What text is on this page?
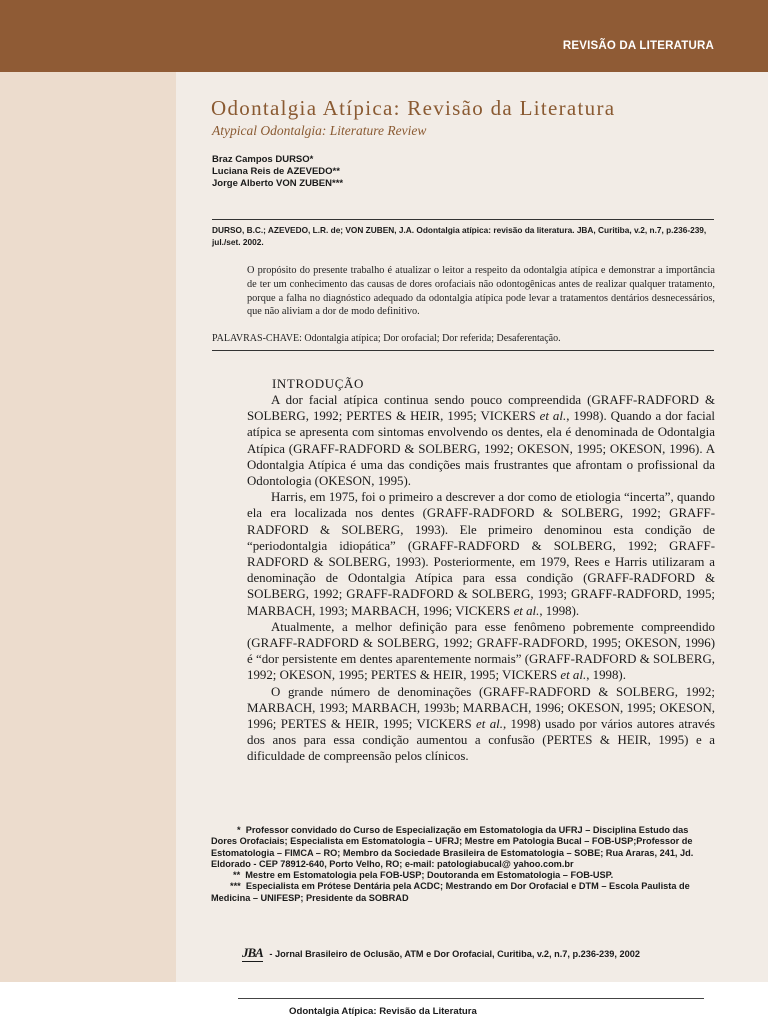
REVISÃO DA LITERATURA
Odontalgia Atípica: Revisão da Literatura
Atypical Odontalgia: Literature Review
Braz Campos DURSO*
Luciana Reis de AZEVEDO**
Jorge Alberto VON ZUBEN***
DURSO, B.C.; AZEVEDO, L.R. de; VON ZUBEN, J.A. Odontalgia atípica: revisão da literatura. JBA, Curitiba, v.2, n.7, p.236-239, jul./set. 2002.
O propósito do presente trabalho é atualizar o leitor a respeito da odontalgia atípica e demonstrar a importância de ter um conhecimento das causas de dores orofaciais não odontogênicas antes de realizar qualquer tratamento, porque a falha no diagnóstico adequado da odontalgia atípica pode levar a tratamentos dentários desnecessários, que não aliviam a dor de modo definitivo.
PALAVRAS-CHAVE: Odontalgia atípica; Dor orofacial; Dor referida; Desaferentação.
INTRODUÇÃO

A dor facial atípica continua sendo pouco compreendida (GRAFF-RADFORD & SOLBERG, 1992; PERTES & HEIR, 1995; VICKERS et al., 1998). Quando a dor facial atípica se apresenta com sintomas envolvendo os dentes, ela é denominada de Odontalgia Atípica (GRAFF-RADFORD & SOLBERG, 1992; OKESON, 1995; OKESON, 1996). A Odontalgia Atípica é uma das condições mais frustrantes que afrontam o profissional da Odontologia (OKESON, 1995).

Harris, em 1975, foi o primeiro a descrever a dor como de etiologia “incerta”, quando ela era localizada nos dentes (GRAFF-RADFORD & SOLBERG, 1992; GRAFF-RADFORD & SOLBERG, 1993). Ele primeiro denominou esta condição de “periodontalgia idiopática” (GRAFF-RADFORD & SOLBERG, 1992; GRAFF-RADFORD & SOLBERG, 1993). Posteriormente, em 1979, Rees e Harris utilizaram a denominação de Odontalgia Atípica para essa condição (GRAFF-RADFORD & SOLBERG, 1992; GRAFF-RADFORD & SOLBERG, 1993; GRAFF-RADFORD, 1995; MARBACH, 1993; MARBACH, 1996; VICKERS et al., 1998).

Atualmente, a melhor definição para esse fenômeno pobremente compreendido (GRAFF-RADFORD & SOLBERG, 1992; GRAFF-RADFORD, 1995; OKESON, 1996) é “dor persistente em dentes aparentemente normais” (GRAFF-RADFORD & SOLBERG, 1992; OKESON, 1995; PERTES & HEIR, 1995; VICKERS et al., 1998).

O grande número de denominações (GRAFF-RADFORD & SOLBERG, 1992; MARBACH, 1993; MARBACH, 1993b; MARBACH, 1996; OKESON, 1995; OKESON, 1996; PERTES & HEIR, 1995; VICKERS et al., 1998) usado por vários autores através dos anos para essa condição aumentou a confusão (PERTES & HEIR, 1995) e a dificuldade de compreensão pelos clínicos.

* Professor convidado do Curso de Especialização em Estomatologia da UFRJ – Disciplina Estudo das Dores Orofaciais; Especialista em Estomatologia – UFRJ; Mestre em Patologia Bucal – FOB-USP;Professor de Estomatologia – FIMCA – RO; Membro da Sociedade Brasileira de Estomatologia – SOBE; Rua Araras, 241, Jd. Eldorado - CEP 78912-640, Porto Velho, RO; e-mail: patologiabucal@ yahoo.com.br

** Mestre em Estomatologia pela FOB-USP; Doutoranda em Estomatologia – FOB-USP.

*** Especialista em Prótese Dentária pela ACDC; Mestrando em Dor Orofacial e DTM – Escola Paulista de Medicina – UNIFESP; Presidente da SOBRAD

JBA - Jornal Brasileiro de Oclusão, ATM e Dor Orofacial, Curitiba, v.2, n.7, p.236-239, 2002
Odontalgia Atípica: Revisão da Literatura
